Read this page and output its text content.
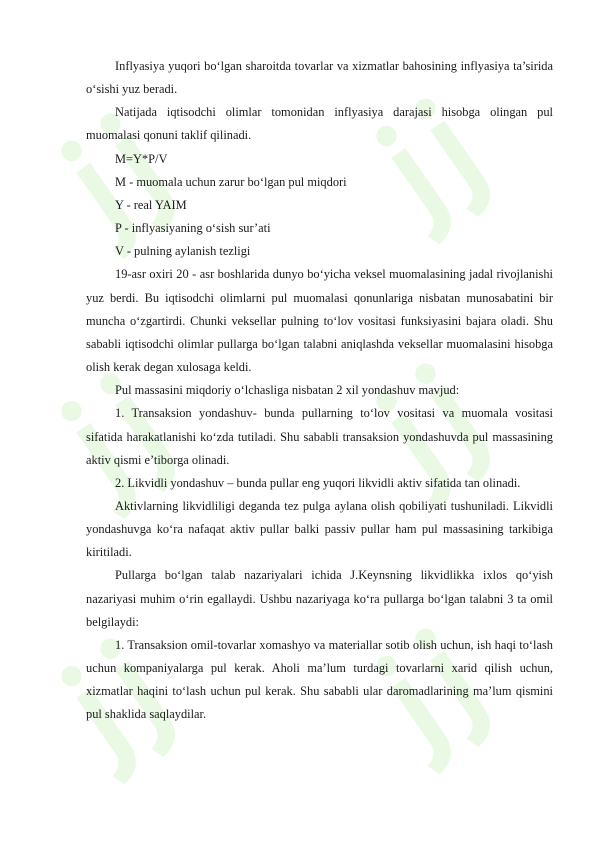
Inflyasiya yuqori bo‘lgan sharoitda tovarlar va xizmatlar bahosining inflyasiya ta’sirida o‘sishi yuz beradi.

Natijada iqtisodchi olimlar tomonidan inflyasiya darajasi hisobga olingan pul muomalasi qonuni taklif qilinadi.

M=Y*P/V

M - muomala uchun zarur bo‘lgan pul miqdori

Y - real YAIM

P - inflyasiyaning o‘sish sur’ati

V - pulning aylanish tezligi

19-asr oxiri 20 - asr boshlarida dunyo bo‘yicha veksel muomalasining jadal rivojlanishi yuz berdi. Bu iqtisodchi olimlarni pul muomalasi qonunlariga nisbatan munosabatini bir muncha o‘zgartirdi. Chunki veksellar pulning to‘lov vositasi funksiyasini bajara oladi. Shu sababli iqtisodchi olimlar pullarga bo‘lgan talabni aniqlashda veksellar muomalasini hisobga olish kerak degan xulosaga keldi.

Pul massasini miqdoriy o‘lchasliga nisbatan 2 xil yondashuv mavjud:

1. Transaksion yondashuv- bunda pullarning to‘lov vositasi va muomala vositasi sifatida harakatlanishi ko‘zda tutiladi. Shu sababli transaksion yondashuvda pul massasining aktiv qismi e’tiborga olinadi.

2. Likvidli yondashuv – bunda pullar eng yuqori likvidli aktiv sifatida tan olinadi.

Aktivlarning likvidliligi deganda tez pulga aylana olish qobiliyati tushuniladi. Likvidli yondashuvga ko‘ra nafaqat aktiv pullar balki passiv pullar ham pul massasining tarkibiga kiritiladi.

Pullarga bo‘lgan talab nazariyalari ichida J.Keynsning likvidlikka ixlos qo‘yish nazariyasi muhim o‘rin egallaydi. Ushbu nazariyaga ko‘ra pullarga bo‘lgan talabni 3 ta omil belgilaydi:

1. Transaksion omil-tovarlar xomashyo va materiallar sotib olish uchun, ish haqi to‘lash uchun kompaniyalarga pul kerak. Aholi ma’lum turdagi tovarlarni xarid qilish uchun, xizmatlar haqini to‘lash uchun pul kerak. Shu sababli ular daromadlarining ma’lum qismini pul shaklida saqlaydilar.
